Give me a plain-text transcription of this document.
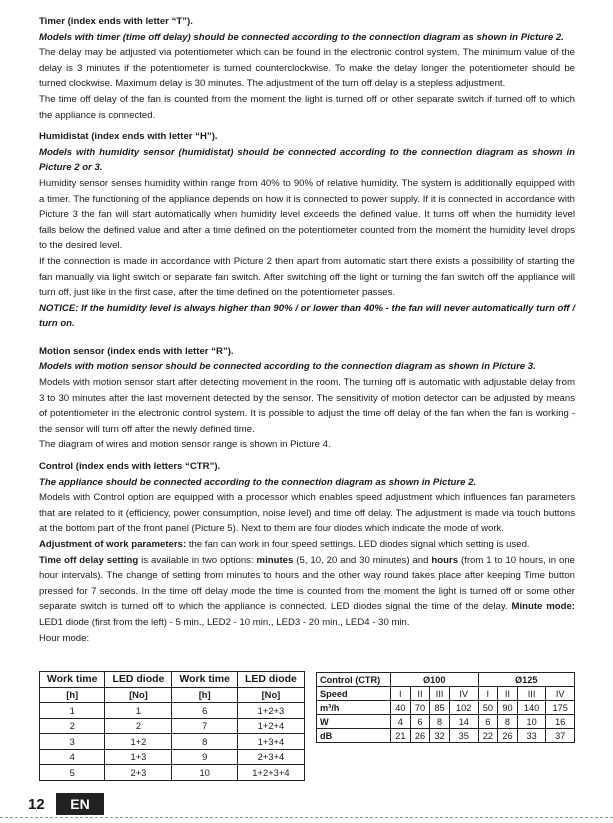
Timer (index ends with letter “T”).

Models with timer (time off delay) should be connected according to the connection diagram as shown in Picture 2.

The delay may be adjusted via potentiometer which can be found in the electronic control system. The minimum value of the delay is 3 minutes if the potentiometer is turned counterclockwise. To make the delay longer the potentiometer should be turned clockwise. Maximum delay is 30 minutes. The adjustment of the turn off delay is a stepless adjustment.

The time off delay of the fan is counted from the moment the light is turned off or other separate switch if turned off to which the appliance is connected.

Humidistat (index ends with letter “H”).

Models with humidity sensor (humidistat) should be connected according to the connection diagram as shown in Picture 2 or 3.

Humidity sensor senses humidity within range from 40% to 90% of relative humidity. The system is additionally equipped with a timer. The functioning of the appliance depends on how it is connected to power supply. If it is connected in accordance with Picture 3 the fan will start automatically when humidity level exceeds the defined value. It turns off when the humidity level falls below the defined value and after a time defined on the potentiometer counted from the moment the humidity level drops to the desired level.

If the connection is made in accordance with Picture 2 then apart from automatic start there exists a possibility of starting the fan manually via light switch or separate fan switch. After switching off the light or turning the fan switch off the appliance will turn off, just like in the first case, after the time defined on the potentiometer passes.

NOTICE: If the humidity level is always higher than 90% / or lower than 40% - the fan will never automatically turn off / turn on.

Motion sensor (index ends with letter “R”).

Models with motion sensor should be connected according to the connection diagram as shown in Picture 3.

Models with motion sensor start after detecting movement in the room. The turning off is automatic with adjustable delay from 3 to 30 minutes after the last movement detected by the sensor. The sensitivity of motion detector can be adjusted by means of potentiometer in the electronic control system. It is possible to adjust the time off delay of the fan when the fan is working - the sensor will turn off after the newly defined time.

The diagram of wires and motion sensor range is shown in Picture 4.

Control (index ends with letters “CTR”).

The appliance should be connected according to the connection diagram as shown in Picture 2.

Models with Control option are equipped with a processor which enables speed adjustment which influences fan parameters that are related to it (efficiency, power consumption, noise level) and time off delay. The adjustment is made via touch buttons at the bottom part of the front panel (Picture 5). Next to them are four diodes which indicate the mode of work.

Adjustment of work parameters: the fan can work in four speed settings. LED diodes signal which setting is used.

Time off delay setting is available in two options: minutes (5, 10, 20 and 30 minutes) and hours (from 1 to 10 hours, in one hour intervals). The change of setting from minutes to hours and the other way round takes place after keeping Time button pressed for 7 seconds. In the time off delay mode the time is counted from the moment the light is turned off or some other separate switch is turned off to which the appliance is connected. LED diodes signal the time of the delay. Minute mode: LED1 diode (first from the left) - 5 min., LED2 - 10 min., LED3 - 20 min., LED4 - 30 min.

Hour mode:

Work time	LED diode	Work time	LED diode
[h]	[No]	[h]	[No]
1	1	6	1+2+3
2	2	7	1+2+4
3	1+2	8	1+3+4
4	1+3	9	2+3+4
5	2+3	10	1+2+3+4
Control (CTR)	Ø100				Ø125			
Speed	I	II	III	IV	I	II	III	IV
m³/h	40	70	85	102	50	90	140	175
W	4	6	8	14	6	8	10	16
dB	21	26	32	35	22	26	33	37
12	EN
